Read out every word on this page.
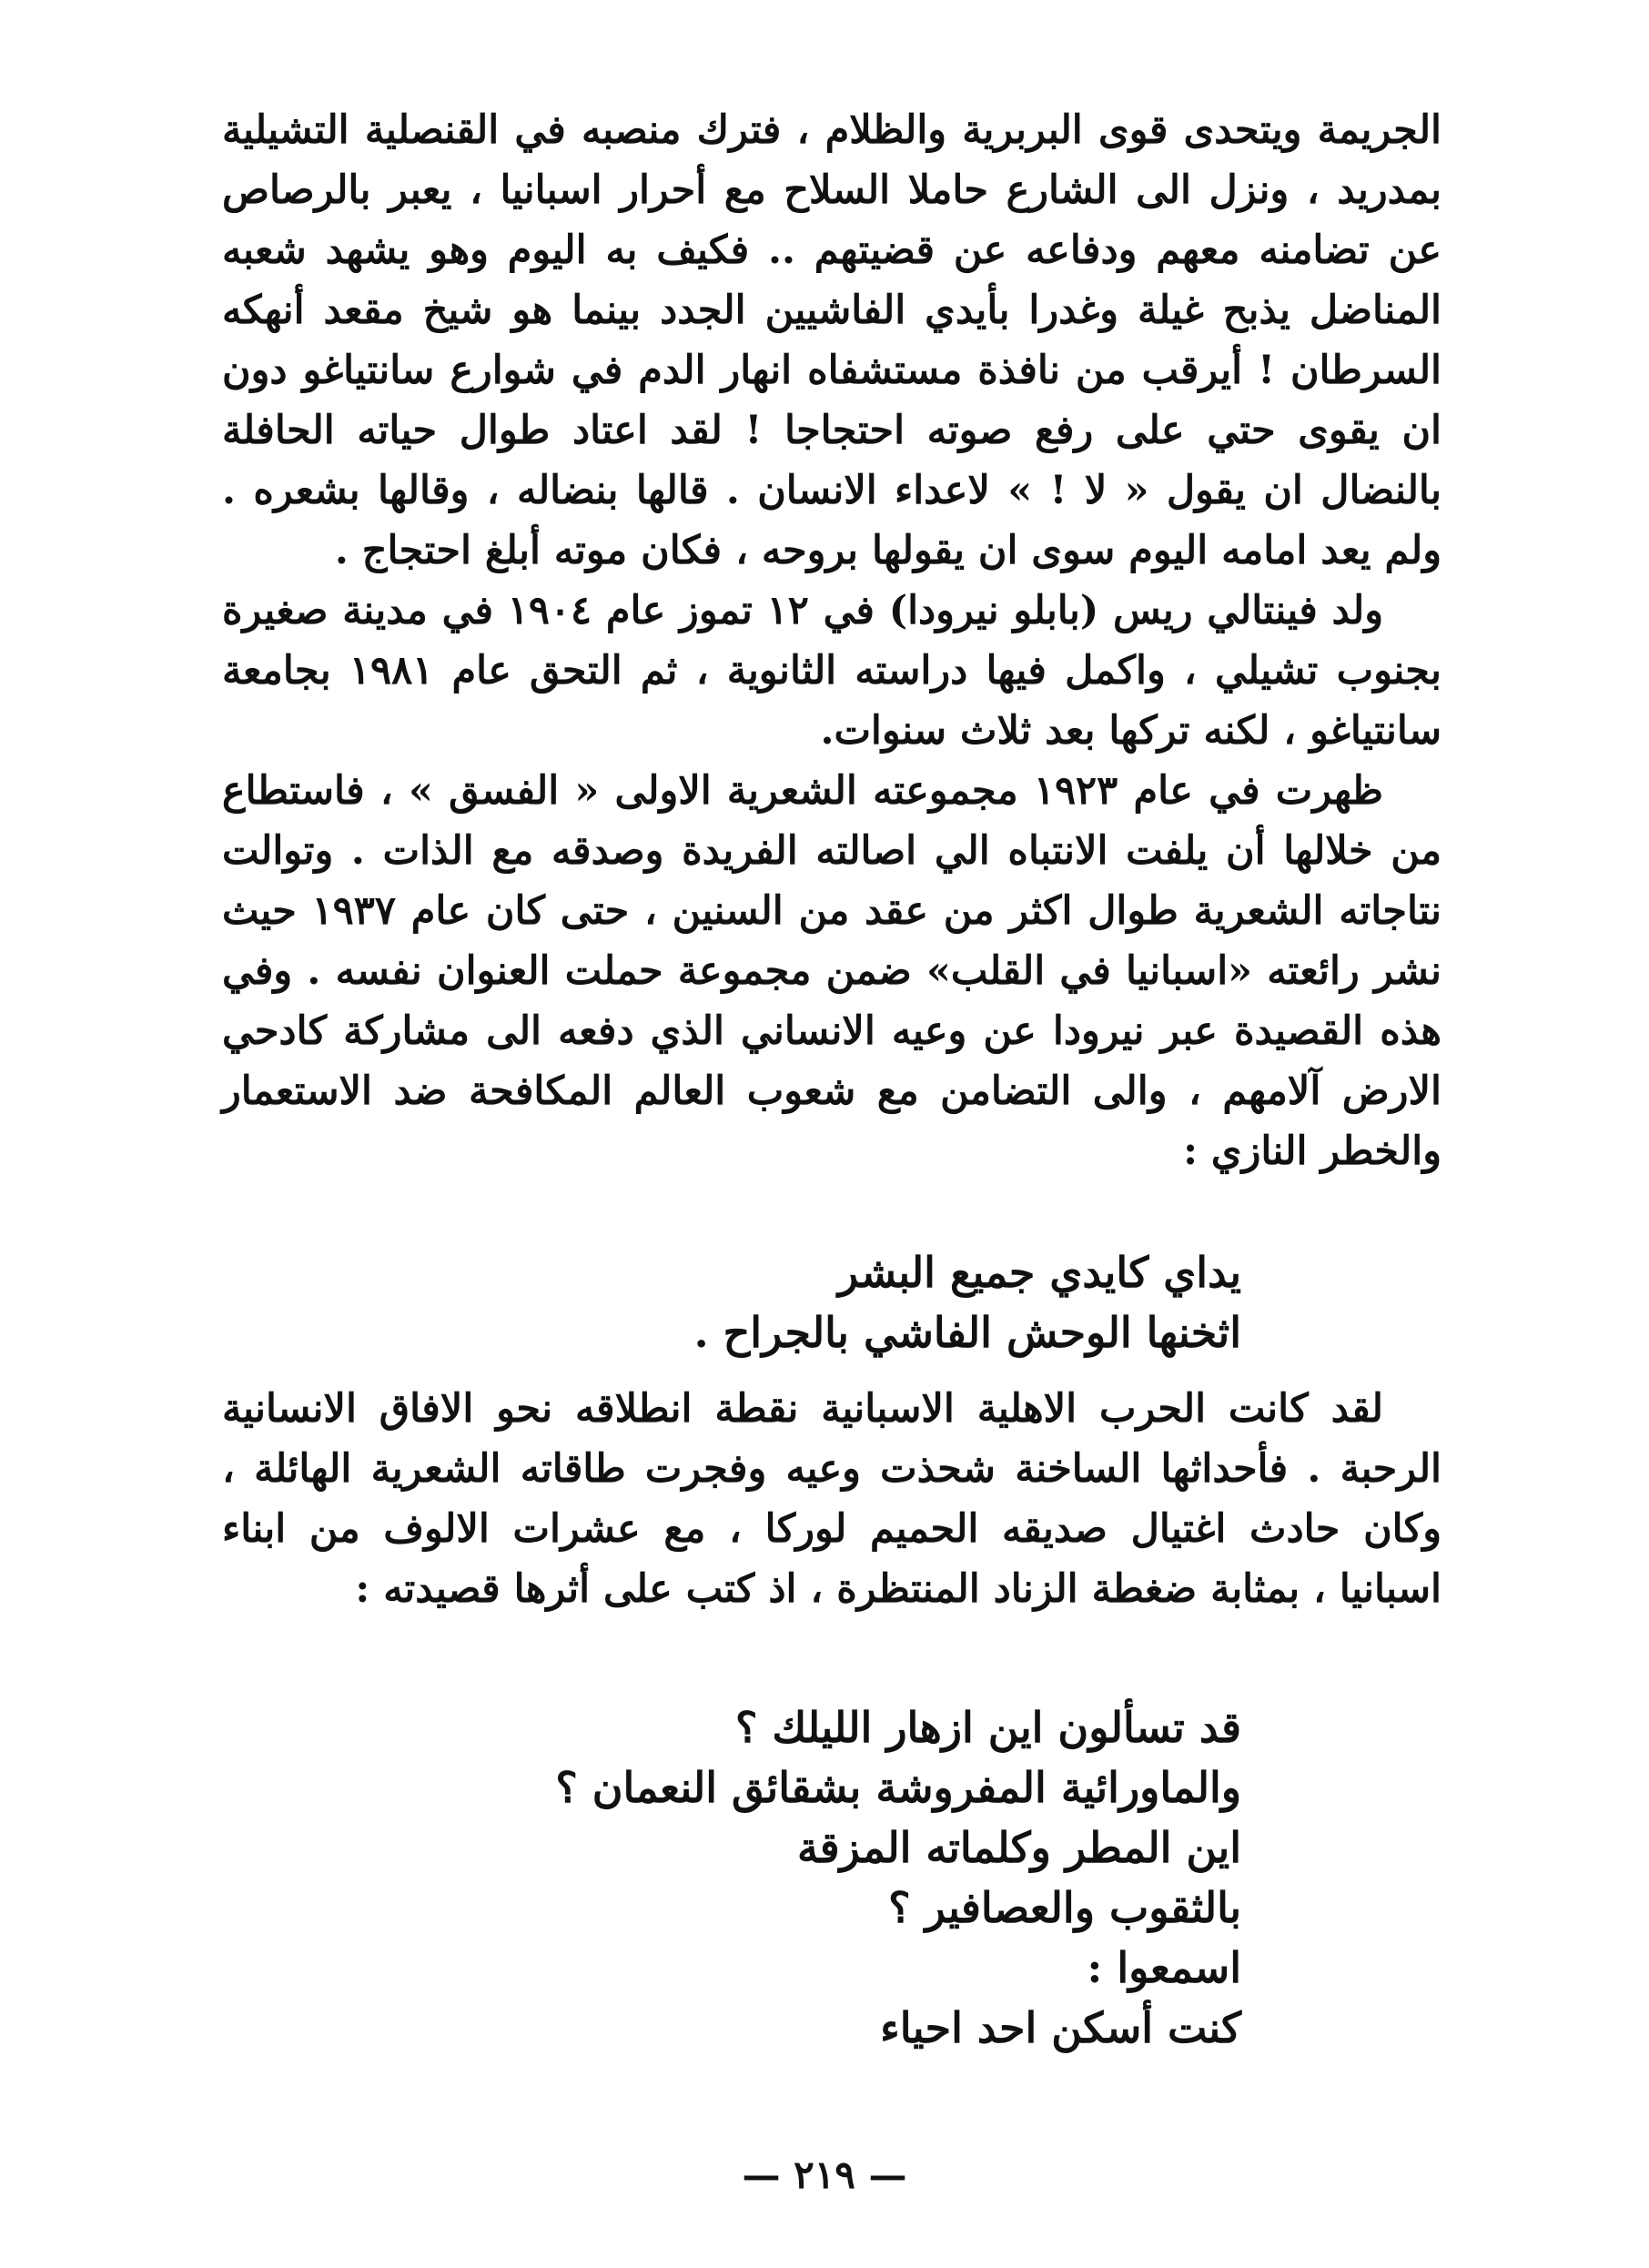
الجريمة ويتحدى قوى البربرية والظلام ، فترك منصبه في القنصلية التشيلية بمدريد ، ونزل الى الشارع حاملا السلاح مع أحرار اسبانيا ، يعبر بالرصاص عن تضامنه معهم ودفاعه عن قضيتهم .. فكيف به اليوم وهو يشهد شعبه المناضل يذبح غيلة وغدرا بأيدي الفاشيين الجدد بينما هو شيخ مقعد أنهكه السرطان ! أيرقب من نافذة مستشفاه انهار الدم في شوارع سانتياغو دون ان يقوى حتي على رفع صوته احتجاجا ! لقد اعتاد طوال حياته الحافلة بالنضال ان يقول « لا ! » لاعداء الانسان . قالها بنضاله ، وقالها بشعره . ولم يعد امامه اليوم سوى ان يقولها بروحه ، فكان موته أبلغ احتجاج .

ولد فينتالي ريس (بابلو نيرودا) في ١٢ تموز عام ١٩٠٤ في مدينة صغيرة بجنوب تشيلي ، واكمل فيها دراسته الثانوية ، ثم التحق عام ١٩٨١ بجامعة سانتياغو ، لكنه تركها بعد ثلاث سنوات.

ظهرت في عام ١٩٢٣ مجموعته الشعرية الاولى « الفسق » ، فاستطاع من خلالها أن يلفت الانتباه الي اصالته الفريدة وصدقه مع الذات . وتوالت نتاجاته الشعرية طوال اكثر من عقد من السنين ، حتى كان عام ١٩٣٧ حيث نشر رائعته «اسبانيا في القلب» ضمن مجموعة حملت العنوان نفسه . وفي هذه القصيدة عبر نيرودا عن وعيه الانساني الذي دفعه الى مشاركة كادحي الارض آلامهم ، والى التضامن مع شعوب العالم المكافحة ضد الاستعمار والخطر النازي :

يداي كايدي جميع البشر
اثخنها الوحش الفاشي بالجراح .

لقد كانت الحرب الاهلية الاسبانية نقطة انطلاقه نحو الافاق الانسانية الرحبة . فأحداثها الساخنة شحذت وعيه وفجرت طاقاته الشعرية الهائلة ، وكان حادث اغتيال صديقه الحميم لوركا ، مع عشرات الالوف من ابناء اسبانيا ، بمثابة ضغطة الزناد المنتظرة ، اذ كتب على أثرها قصيدته :

قد تسألون اين ازهار الليلك ؟
والماورائية المفروشة بشقائق النعمان ؟
اين المطر وكلماته المزقة
بالثقوب والعصافير ؟
اسمعوا :
كنت أسكن احد احياء
— ٢١٩ —
